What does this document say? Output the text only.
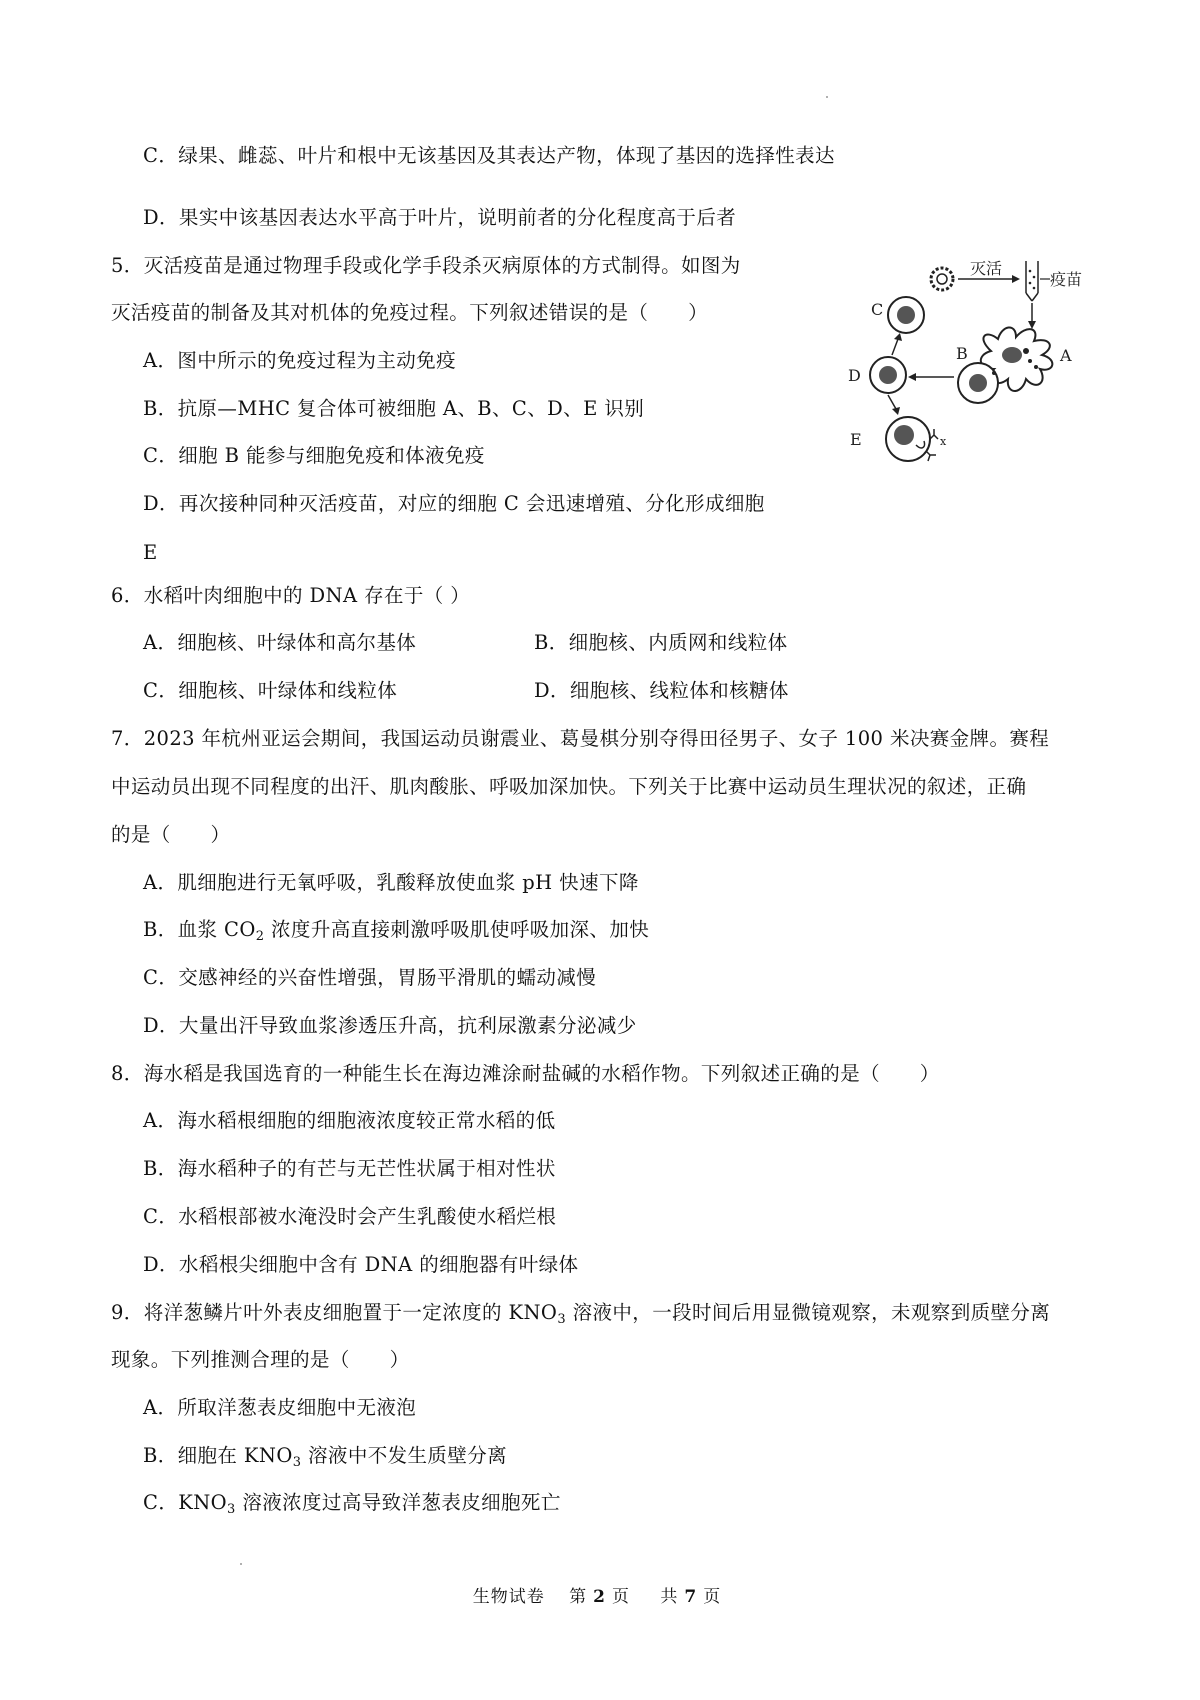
C．绿果、雌蕊、叶片和根中无该基因及其表达产物，体现了基因的选择性表达
D．果实中该基因表达水平高于叶片，说明前者的分化程度高于后者
5．灭活疫苗是通过物理手段或化学手段杀灭病原体的方式制得。如图为
灭活疫苗的制备及其对机体的免疫过程。下列叙述错误的是（　　）
A．图中所示的免疫过程为主动免疫
B．抗原—MHC 复合体可被细胞 A、B、C、D、E 识别
C．细胞 B 能参与细胞免疫和体液免疫
D．再次接种同种灭活疫苗，对应的细胞 C 会迅速增殖、分化形成细胞
E
灭活
疫苗
A
B
C
D
x
E
6．水稻叶肉细胞中的 DNA 存在于（ ）
A．细胞核、叶绿体和高尔基体	B．细胞核、内质网和线粒体
C．细胞核、叶绿体和线粒体	D．细胞核、线粒体和核糖体
7．2023 年杭州亚运会期间，我国运动员谢震业、葛曼棋分别夺得田径男子、女子 100 米决赛金牌。赛程
中运动员出现不同程度的出汗、肌肉酸胀、呼吸加深加快。下列关于比赛中运动员生理状况的叙述，正确
的是（　　）
A．肌细胞进行无氧呼吸，乳酸释放使血浆 pH 快速下降
B．血浆 $CO_2$ 浓度升高直接刺激呼吸肌使呼吸加深、加快
C．交感神经的兴奋性增强，胃肠平滑肌的蠕动减慢
D．大量出汗导致血浆渗透压升高，抗利尿激素分泌减少
8．海水稻是我国选育的一种能生长在海边滩涂耐盐碱的水稻作物。下列叙述正确的是（　　）
A．海水稻根细胞的细胞液浓度较正常水稻的低
B．海水稻种子的有芒与无芒性状属于相对性状
C．水稻根部被水淹没时会产生乳酸使水稻烂根
D．水稻根尖细胞中含有 DNA 的细胞器有叶绿体
9．将洋葱鳞片叶外表皮细胞置于一定浓度的 $KNO_3$ 溶液中，一段时间后用显微镜观察，未观察到质壁分离
现象。下列推测合理的是（　　）
A．所取洋葱表皮细胞中无液泡
B．细胞在 $KNO_3$ 溶液中不发生质壁分离
C．$KNO_3$ 溶液浓度过高导致洋葱表皮细胞死亡
生物试卷 第 2 页 共 7 页
